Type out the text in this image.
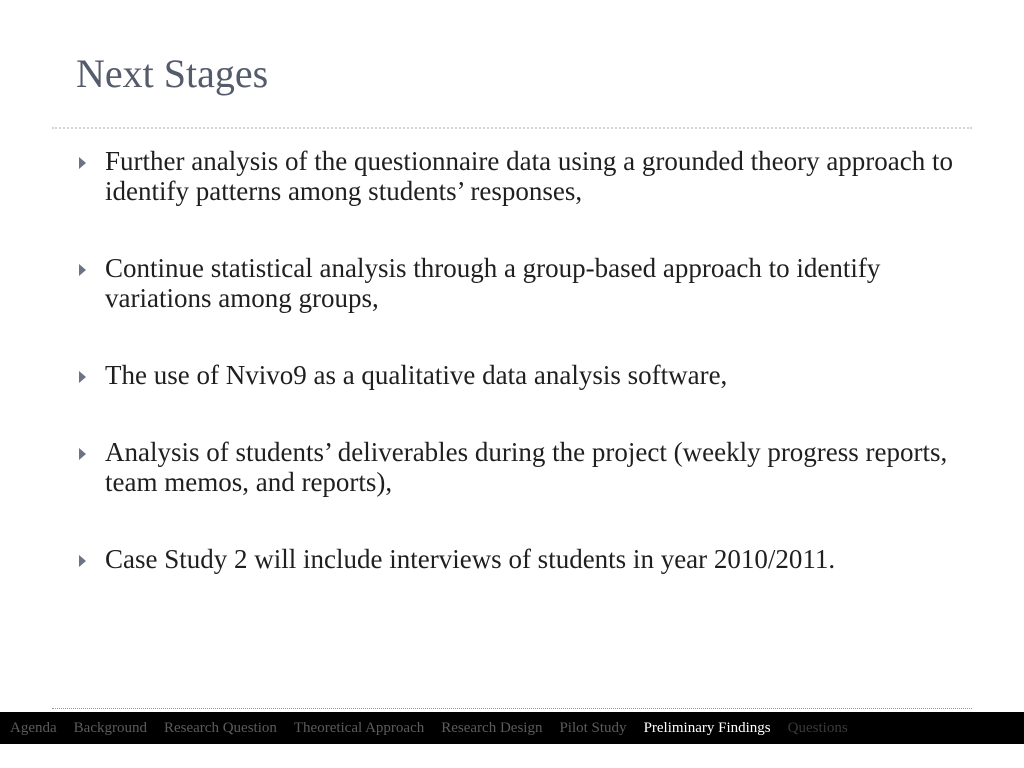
Next Stages
Further analysis of the questionnaire data using a grounded theory approach to identify patterns among students’ responses,
Continue statistical analysis through a group-based approach to identify variations among groups,
The use of Nvivo9 as a qualitative data analysis software,
Analysis of students’ deliverables during the project (weekly progress reports, team memos, and reports),
Case Study 2 will include interviews of students in year 2010/2011.
Agenda Background Research Question Theoretical Approach Research Design Pilot Study Preliminary Findings Questions
